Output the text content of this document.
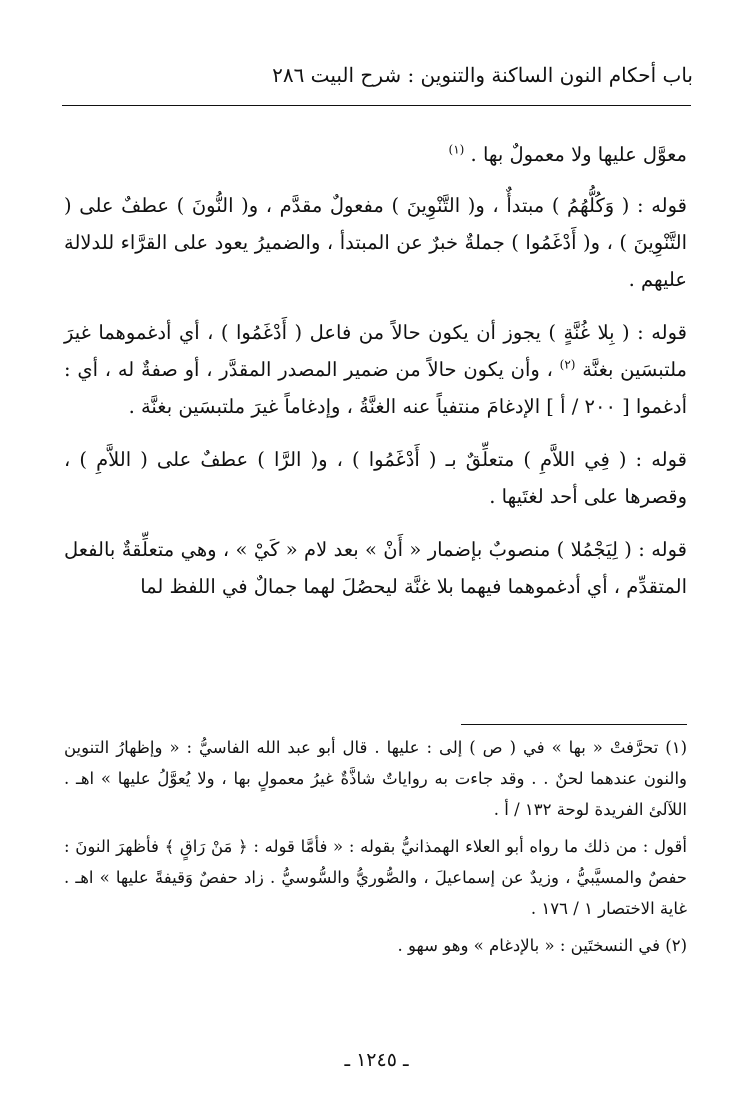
باب أحكام النون الساكنة والتنوين : شرح البيت ٢٨٦

معوَّل عليها ولا معمولٌ بها . $^{(١)}$

قوله : ( وَكُلُّهُمُ ) مبتدأٌ ، و( التَّنْوِينَ ) مفعولٌ مقدَّم ، و( النُّونَ ) عطفٌ على ( التَّنْوِينَ ) ، و( أَدْغَمُوا ) جملةٌ خبرٌ عن المبتدأ ، والضميرُ يعود على القرَّاء للدلالة عليهم .

قوله : ( بِلا غُنَّةٍ ) يجوز أن يكون حالاً من فاعل ( أَدْغَمُوا ) ، أي أدغموهما غيرَ ملتبسَين بغنَّة $^{(٢)}$ ، وأن يكون حالاً من ضمير المصدر المقدَّر ، أو صفةٌ له ، أي : أدغموا [ ٢٠٠ / أ ] الإدغامَ منتفياً عنه الغنَّةُ ، وإدغاماً غيرَ ملتبسَين بغنَّة .

قوله : ( فِي اللاَّمِ ) متعلِّقٌ بـ ( أَدْغَمُوا ) ، و( الرَّا ) عطفٌ على ( اللاَّمِ ) ، وقصرها على أحد لغتَيها .

قوله : ( لِيَجْمُلا ) منصوبٌ بإضمار « أَنْ » بعد لام « كَيْ » ، وهي متعلِّقةٌ بالفعل المتقدِّم ، أي أدغموهما فيهما بلا غنَّة ليحصُلَ لهما جمالٌ في اللفظ لما

(١) تحرَّفتْ « بها » في ( ص ) إلى : عليها . قال أبو عبد الله الفاسيُّ : « وإظهارُ التنوين والنون عندهما لحنٌ . . وقد جاءت به رواياتٌ شاذَّةٌ غيرُ معمولٍ بها ، ولا يُعوَّلُ عليها » اهـ . اللآلئ الفريدة لوحة ١٣٢ / أ .

أقول : من ذلك ما رواه أبو العلاء الهمذانيُّ بقوله : « فأمَّا قوله : ﴿ مَنْ رَاقٍ ﴾ فأظهرَ النونَ : حفصٌ والمسيَّبيُّ ، وزيدٌ عن إسماعيلَ ، والصُّوريُّ والسُّوسيُّ . زاد حفصٌ وَقيفةً عليها » اهـ . غاية الاختصار ١ / ١٧٦ .

(٢) في النسختَين : « بالإدغام » وهو سهو .

ـ ١٢٤٥ ـ
